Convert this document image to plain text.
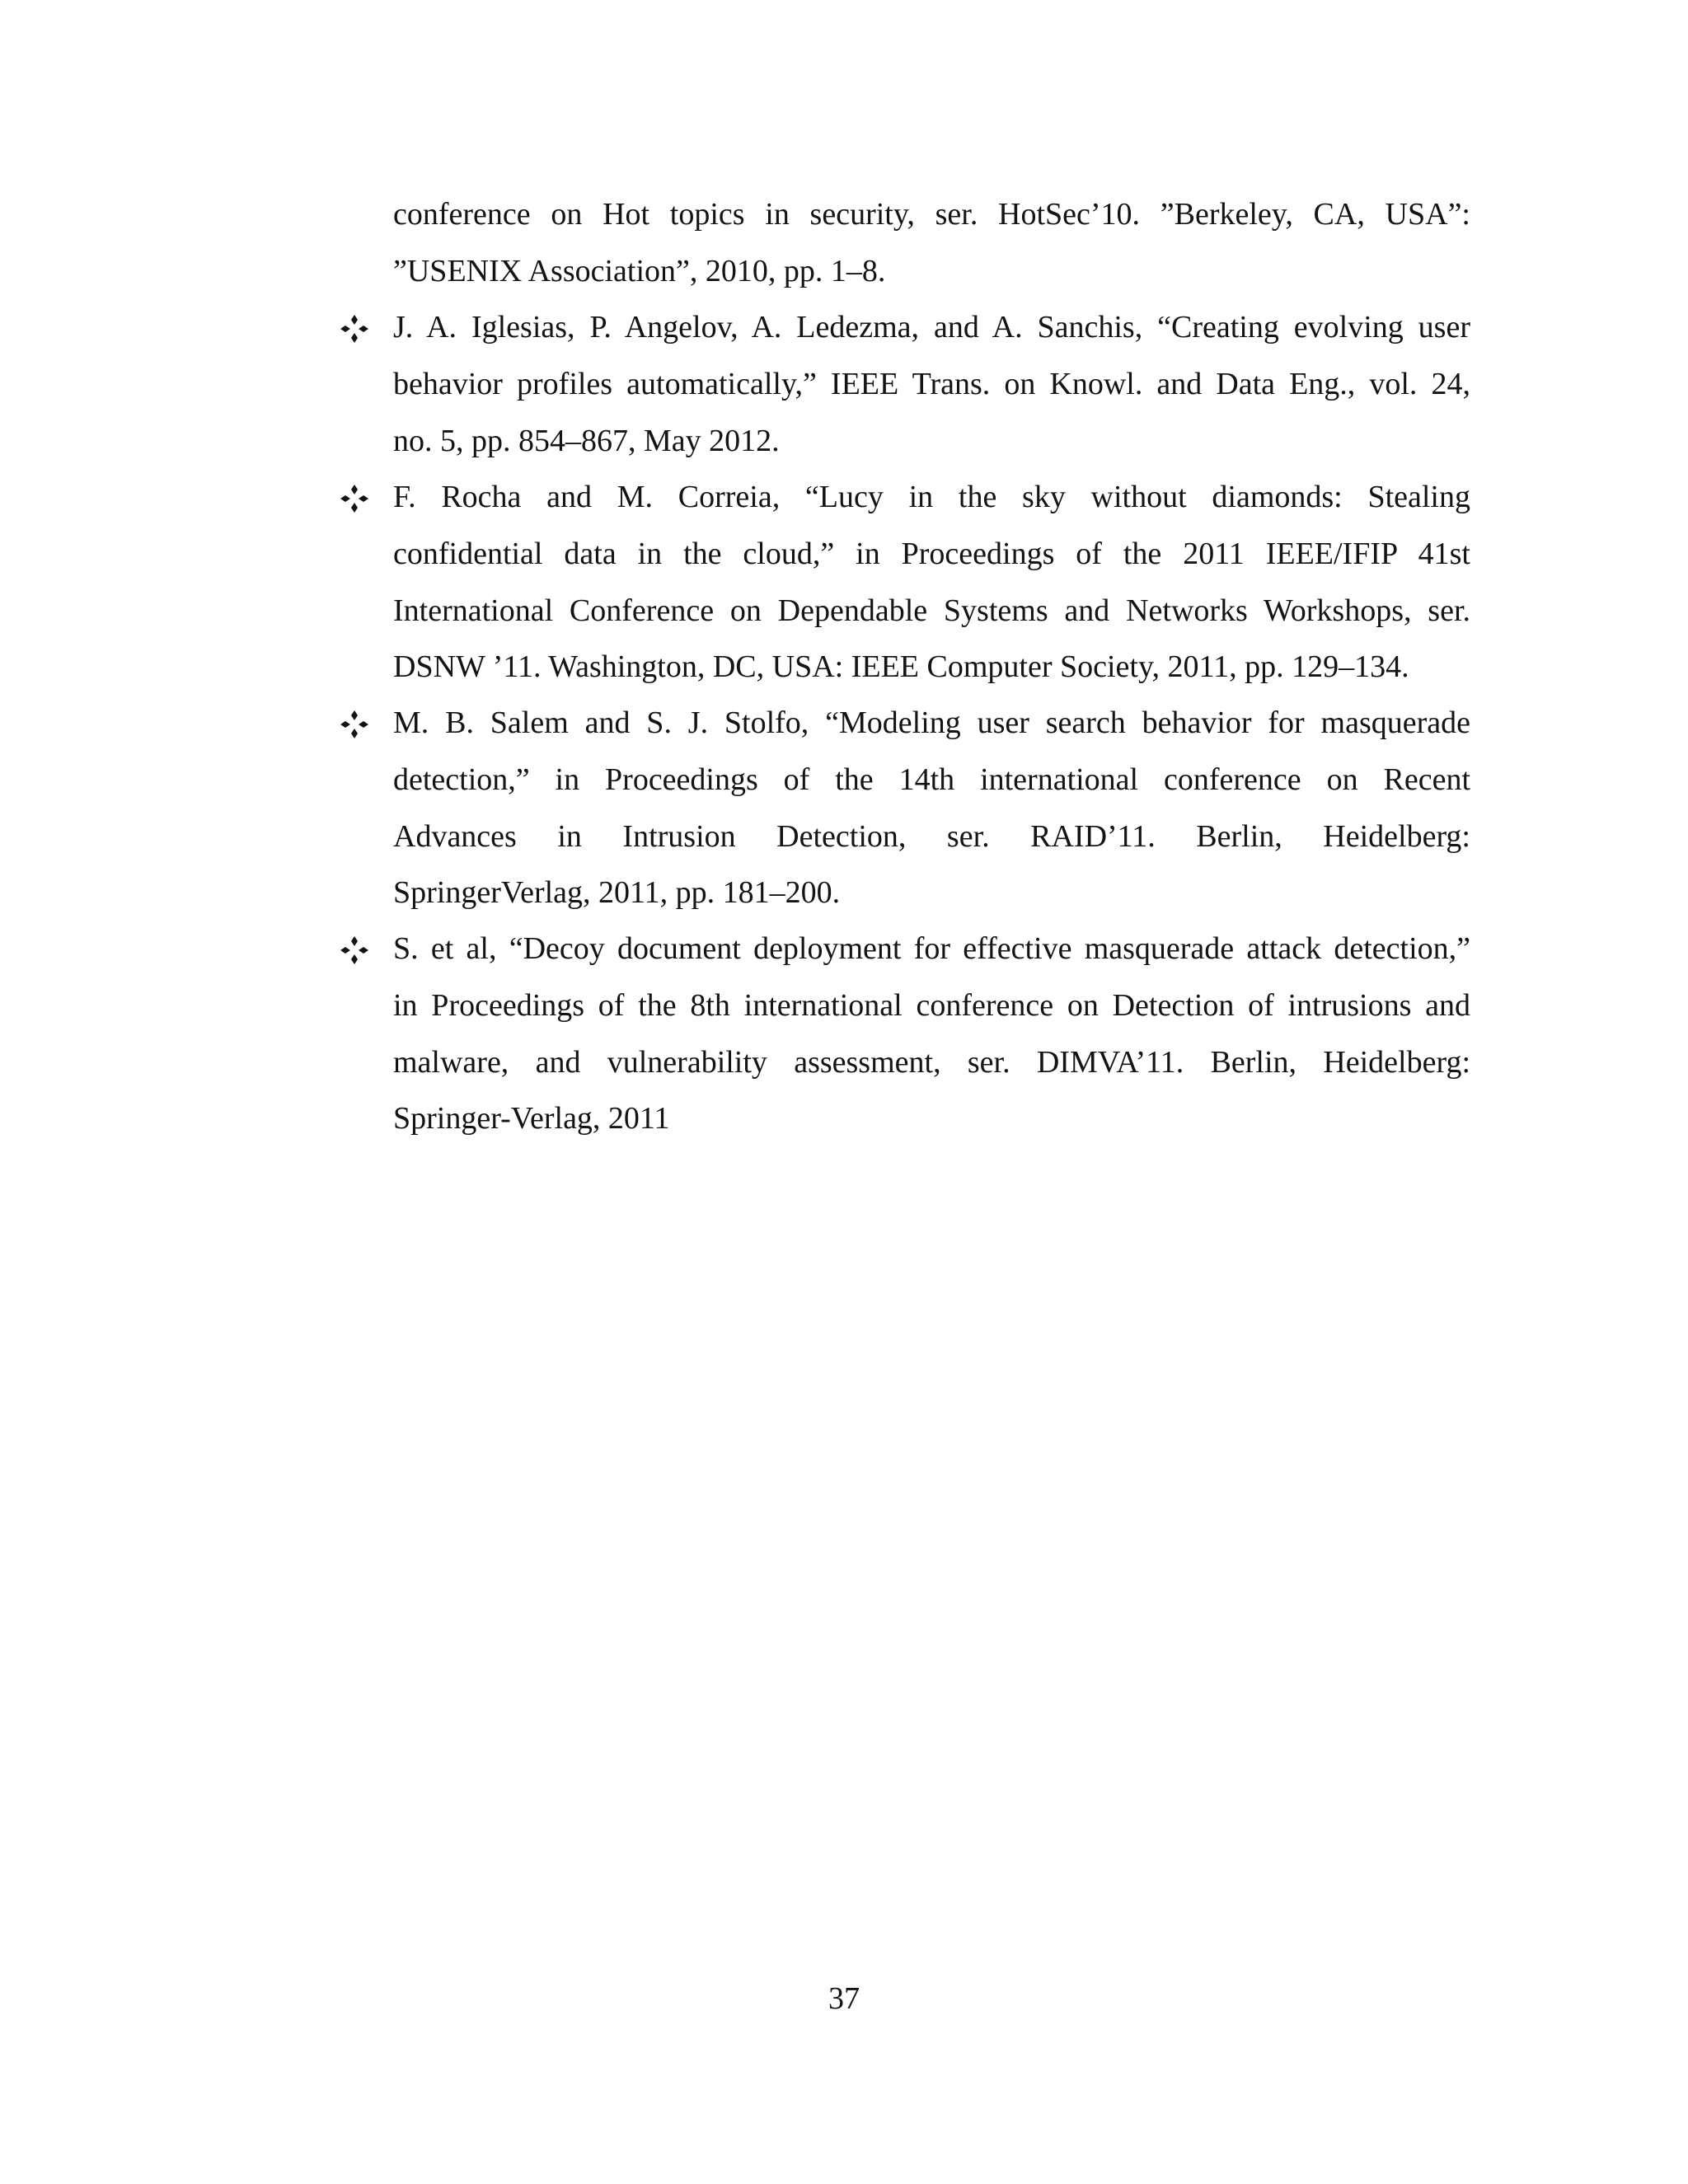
conference on Hot topics in security, ser. HotSec’10. ”Berkeley, CA, USA”:
”USENIX Association”, 2010, pp. 1–8.
J. A. Iglesias, P. Angelov, A. Ledezma, and A. Sanchis, “Creating evolving user
behavior profiles automatically,” IEEE Trans. on Knowl. and Data Eng., vol. 24,
no. 5, pp. 854–867, May 2012.
F. Rocha and M. Correia, “Lucy in the sky without diamonds: Stealing
confidential data in the cloud,” in Proceedings of the 2011 IEEE/IFIP 41st
International Conference on Dependable Systems and Networks Workshops, ser.
DSNW ’11. Washington, DC, USA: IEEE Computer Society, 2011, pp. 129–134.
M. B. Salem and S. J. Stolfo, “Modeling user search behavior for masquerade
detection,” in Proceedings of the 14th international conference on Recent
Advances in Intrusion Detection, ser. RAID’11. Berlin, Heidelberg:
SpringerVerlag, 2011, pp. 181–200.
S. et al, “Decoy document deployment for effective masquerade attack detection,”
in Proceedings of the 8th international conference on Detection of intrusions and
malware, and vulnerability assessment, ser. DIMVA’11. Berlin, Heidelberg:
Springer-Verlag, 2011
37
